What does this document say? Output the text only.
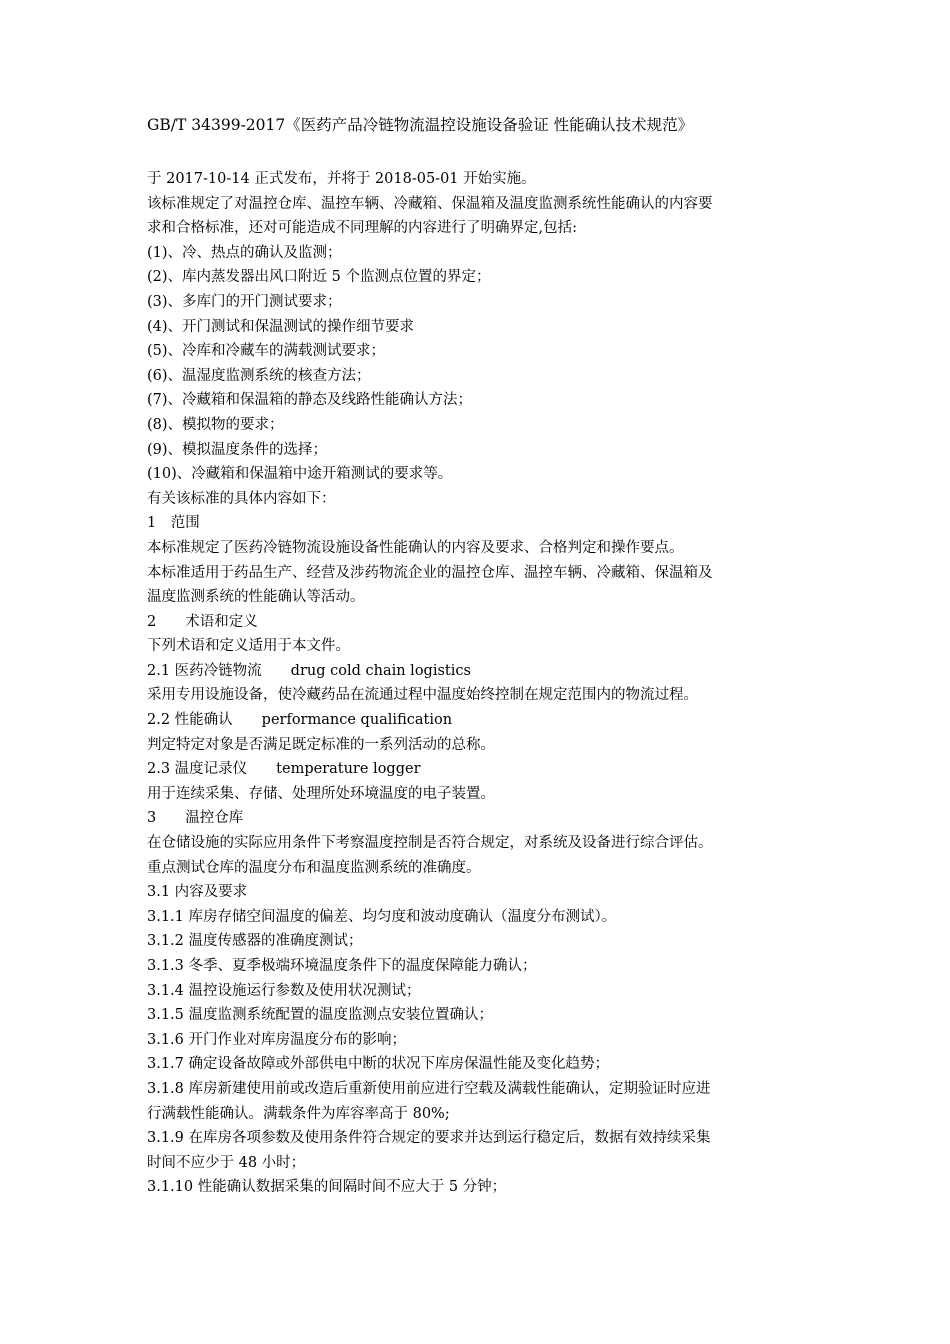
GB/T 34399-2017《医药产品冷链物流温控设施设备验证 性能确认技术规范》
于 2017-10-14 正式发布，并将于 2018-05-01 开始实施。
该标准规定了对温控仓库、温控车辆、冷藏箱、保温箱及温度监测系统性能确认的内容要
求和合格标准，还对可能造成不同理解的内容进行了明确界定,包括:
(1)、冷、热点的确认及监测；
(2)、库内蒸发器出风口附近 5 个监测点位置的界定；
(3)、多库门的开门测试要求；
(4)、开门测试和保温测试的操作细节要求
(5)、冷库和冷藏车的满载测试要求；
(6)、温湿度监测系统的核查方法；
(7)、冷藏箱和保温箱的静态及线路性能确认方法；
(8)、模拟物的要求；
(9)、模拟温度条件的选择；
(10)、冷藏箱和保温箱中途开箱测试的要求等。
有关该标准的具体内容如下：
1　范围
本标准规定了医药冷链物流设施设备性能确认的内容及要求、合格判定和操作要点。
本标准适用于药品生产、经营及涉药物流企业的温控仓库、温控车辆、冷藏箱、保温箱及
温度监测系统的性能确认等活动。
2　　术语和定义
下列术语和定义适用于本文件。
2.1 医药冷链物流　　drug cold chain logistics
采用专用设施设备，使冷藏药品在流通过程中温度始终控制在规定范围内的物流过程。
2.2 性能确认　　performance qualification
判定特定对象是否满足既定标准的一系列活动的总称。
2.3 温度记录仪　　temperature logger
用于连续采集、存储、处理所处环境温度的电子装置。
3　　温控仓库
在仓储设施的实际应用条件下考察温度控制是否符合规定，对系统及设备进行综合评估。
重点测试仓库的温度分布和温度监测系统的准确度。
3.1 内容及要求
3.1.1 库房存储空间温度的偏差、均匀度和波动度确认（温度分布测试）。
3.1.2 温度传感器的准确度测试；
3.1.3 冬季、夏季极端环境温度条件下的温度保障能力确认；
3.1.4 温控设施运行参数及使用状况测试；
3.1.5 温度监测系统配置的温度监测点安装位置确认；
3.1.6 开门作业对库房温度分布的影响；
3.1.7 确定设备故障或外部供电中断的状况下库房保温性能及变化趋势；
3.1.8 库房新建使用前或改造后重新使用前应进行空载及满载性能确认，定期验证时应进
行满载性能确认。满载条件为库容率高于 80%;
3.1.9 在库房各项参数及使用条件符合规定的要求并达到运行稳定后，数据有效持续采集
时间不应少于 48 小时；
3.1.10 性能确认数据采集的间隔时间不应大于 5 分钟；
